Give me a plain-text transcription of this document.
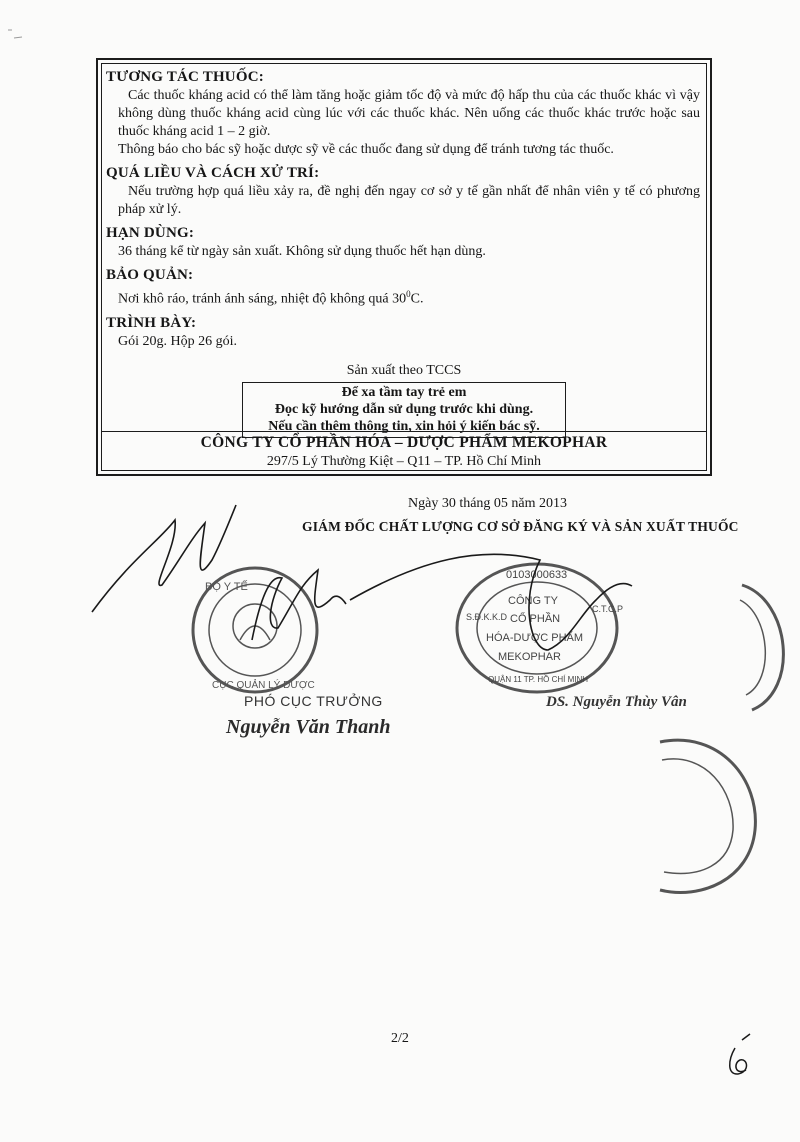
TƯƠNG TÁC THUỐC:
Các thuốc kháng acid có thể làm tăng hoặc giảm tốc độ và mức độ hấp thu của các thuốc khác vì vậy không dùng thuốc kháng acid cùng lúc với các thuốc khác. Nên uống các thuốc khác trước hoặc sau thuốc kháng acid 1 – 2 giờ.
Thông báo cho bác sỹ hoặc dược sỹ về các thuốc đang sử dụng để tránh tương tác thuốc.
QUÁ LIỀU VÀ CÁCH XỬ TRÍ:
Nếu trường hợp quá liều xảy ra, đề nghị đến ngay cơ sở y tế gần nhất để nhân viên y tế có phương pháp xử lý.
HẠN DÙNG:
36 tháng kể từ ngày sản xuất. Không sử dụng thuốc hết hạn dùng.
BẢO QUẢN:
Nơi khô ráo, tránh ánh sáng, nhiệt độ không quá $30^0C$.
TRÌNH BÀY:
Gói 20g. Hộp 26 gói.
Sản xuất theo TCCS
Để xa tầm tay trẻ em
Đọc kỹ hướng dẫn sử dụng trước khi dùng.
Nếu cần thêm thông tin, xin hỏi ý kiến bác sỹ.
CÔNG TY CỔ PHẦN HÓA – DƯỢC PHẨM MEKOPHAR
297/5 Lý Thường Kiệt – Q11 – TP. Hồ Chí Minh
Ngày 30 tháng 05 năm 2013
GIÁM ĐỐC CHẤT LƯỢNG CƠ SỞ ĐĂNG KÝ VÀ SẢN XUẤT THUỐC
BỘ Y TẾ
CỤC QUẢN LÝ DƯỢC
0103000633
S.Đ.K.K.D
C.T.C.P
CÔNG TY
CỔ PHẦN
HÓA-DƯỢC PHẨM
MEKOPHAR
QUẬN 11 TP. HỒ CHÍ MINH
PHÓ CỤC TRƯỞNG
Nguyễn Văn Thanh
DS. Nguyễn Thùy Vân
2/2
